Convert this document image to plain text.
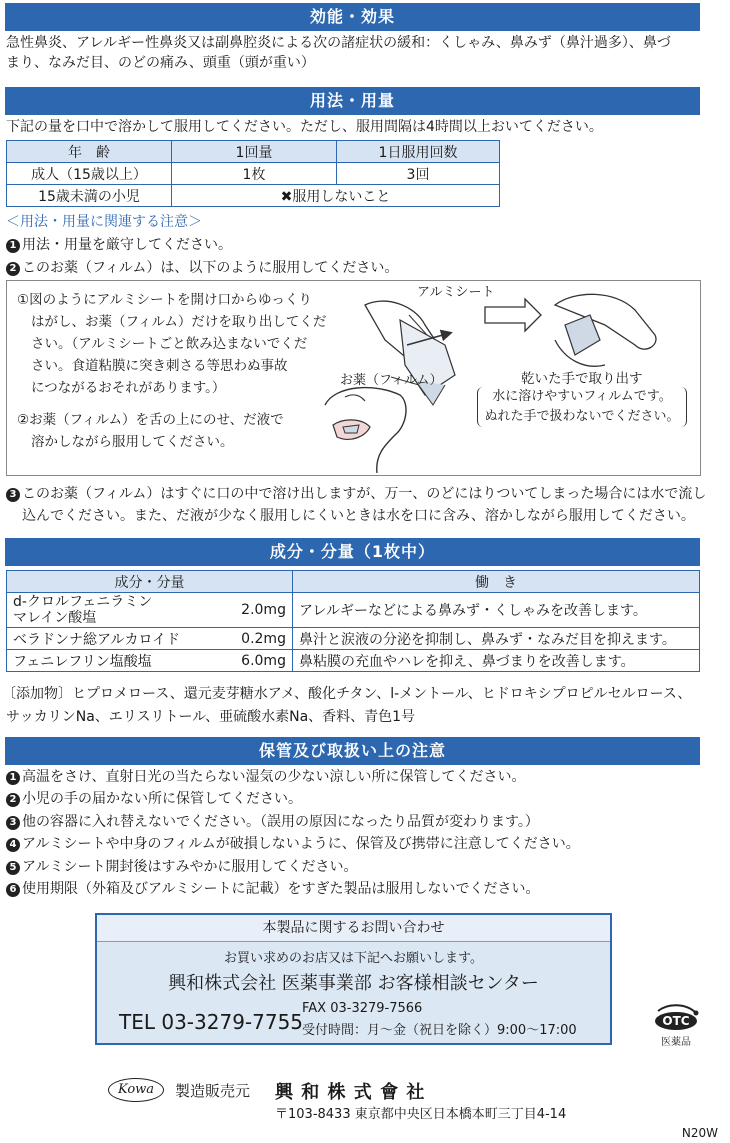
効能・効果
急性鼻炎、アレルギー性鼻炎又は副鼻腔炎による次の諸症状の緩和：くしゃみ、鼻みず（鼻汁過多）、鼻づ
まり、なみだ目、のどの痛み、頭重（頭が重い）
用法・用量
下記の量を口中で溶かして服用してください。ただし、服用間隔は4時間以上おいてください。
年　齢	1回量	1日服用回数
成人（15歳以上）	1枚	3回
15歳未満の小児	✖服用しないこと	
＜用法・用量に関連する注意＞
1 用法・用量を厳守してください。
2 このお薬（フィルム）は、以下のように服用してください。
①図のようにアルミシートを開け口からゆっくり
はがし、お薬（フィルム）だけを取り出してくだ
さい。（アルミシートごと飲み込まないでくだ
さい。食道粘膜に突き刺さる等思わぬ事故
につながるおそれがあります。）
②お薬（フィルム）を舌の上にのせ、だ液で
溶かしながら服用してください。
アルミシート
お薬（フィルム）	乾いた手で取り出す
水に溶けやすいフィルムです。
ぬれた手で扱わないでください。
3 このお薬（フィルム）はすぐに口の中で溶け出しますが、万一、のどにはりついてしまった場合には水で流し
込んでください。また、だ液が少なく服用しにくいときは水を口に含み、溶かしながら服用してください。
成分・分量（1枚中）
成分・分量		働　き

d-クロルフェニラミン
マレイン酸塩	2.0mg	アレルギーなどによる鼻みず・くしゃみを改善します。
ベラドンナ総アルカロイド	0.2mg	鼻汁と涙液の分泌を抑制し、鼻みず・なみだ目を抑えます。
フェニレフリン塩酸塩	6.0mg	鼻粘膜の充血やハレを抑え、鼻づまりを改善します。
〔添加物〕ヒプロメロース、還元麦芽糖水アメ、酸化チタン、l-メントール、ヒドロキシプロピルセルロース、
サッカリンNa、エリスリトール、亜硫酸水素Na、香料、青色1号
保管及び取扱い上の注意
1 高温をさけ、直射日光の当たらない湿気の少ない涼しい所に保管してください。
2 小児の手の届かない所に保管してください。
3 他の容器に入れ替えないでください。（誤用の原因になったり品質が変わります。）
4 アルミシートや中身のフィルムが破損しないように、保管及び携帯に注意してください。
5 アルミシート開封後はすみやかに服用してください。
6 使用期限（外箱及びアルミシートに記載）をすぎた製品は服用しないでください。
本製品に関するお問い合わせ
お買い求めのお店又は下記へお願いします。
興和株式会社 医薬事業部 お客様相談センター
TEL 03-3279-7755
FAX 03-3279-7566
受付時間：月～金（祝日を除く）9:00～17:00
OTC
医薬品
Kowa	製造販売元 興 和 株 式 會 社
〒103-8433 東京都中央区日本橋本町三丁目4-14
N20W
